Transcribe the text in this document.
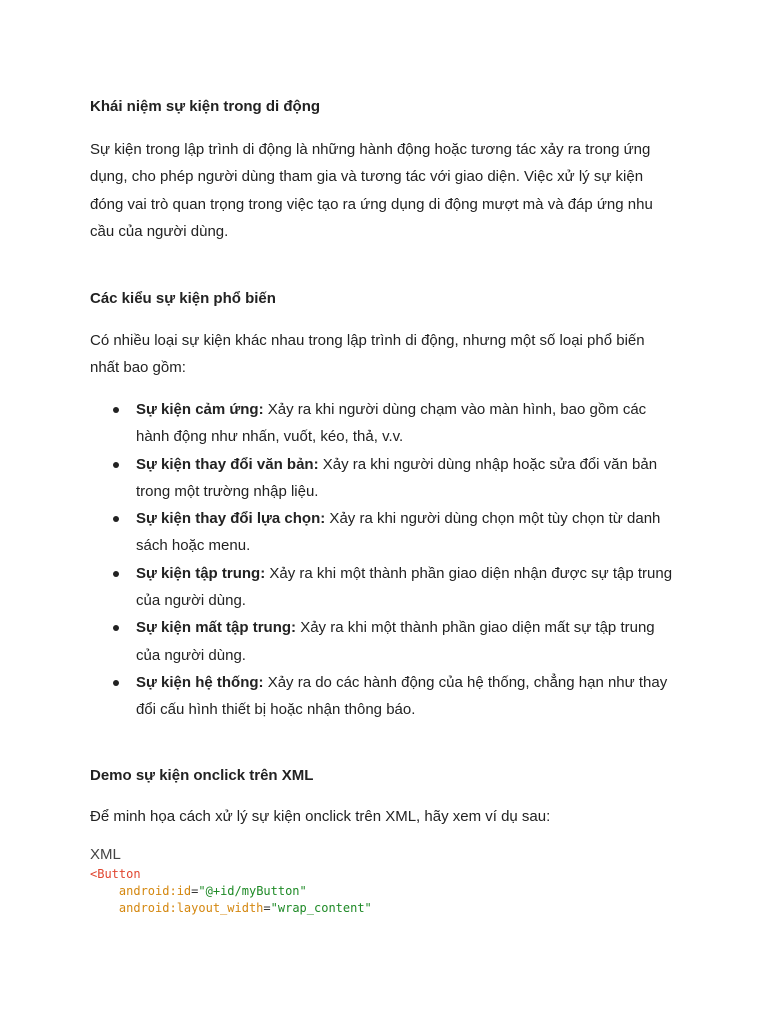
Khái niệm sự kiện trong di động
Sự kiện trong lập trình di động là những hành động hoặc tương tác xảy ra trong ứng
dụng, cho phép người dùng tham gia và tương tác với giao diện. Việc xử lý sự kiện
đóng vai trò quan trọng trong việc tạo ra ứng dụng di động mượt mà và đáp ứng nhu
cầu của người dùng.
Các kiểu sự kiện phổ biến
Có nhiều loại sự kiện khác nhau trong lập trình di động, nhưng một số loại phổ biến
nhất bao gồm:
Sự kiện cảm ứng: Xảy ra khi người dùng chạm vào màn hình, bao gồm các
hành động như nhấn, vuốt, kéo, thả, v.v.
Sự kiện thay đổi văn bản: Xảy ra khi người dùng nhập hoặc sửa đổi văn bản
trong một trường nhập liệu.
Sự kiện thay đổi lựa chọn: Xảy ra khi người dùng chọn một tùy chọn từ danh
sách hoặc menu.
Sự kiện tập trung: Xảy ra khi một thành phần giao diện nhận được sự tập trung
của người dùng.
Sự kiện mất tập trung: Xảy ra khi một thành phần giao diện mất sự tập trung
của người dùng.
Sự kiện hệ thống: Xảy ra do các hành động của hệ thống, chẳng hạn như thay
đổi cấu hình thiết bị hoặc nhận thông báo.
Demo sự kiện onclick trên XML
Để minh họa cách xử lý sự kiện onclick trên XML, hãy xem ví dụ sau:
XML
<Button
android:id="@+id/myButton"
android:layout_width="wrap_content"
